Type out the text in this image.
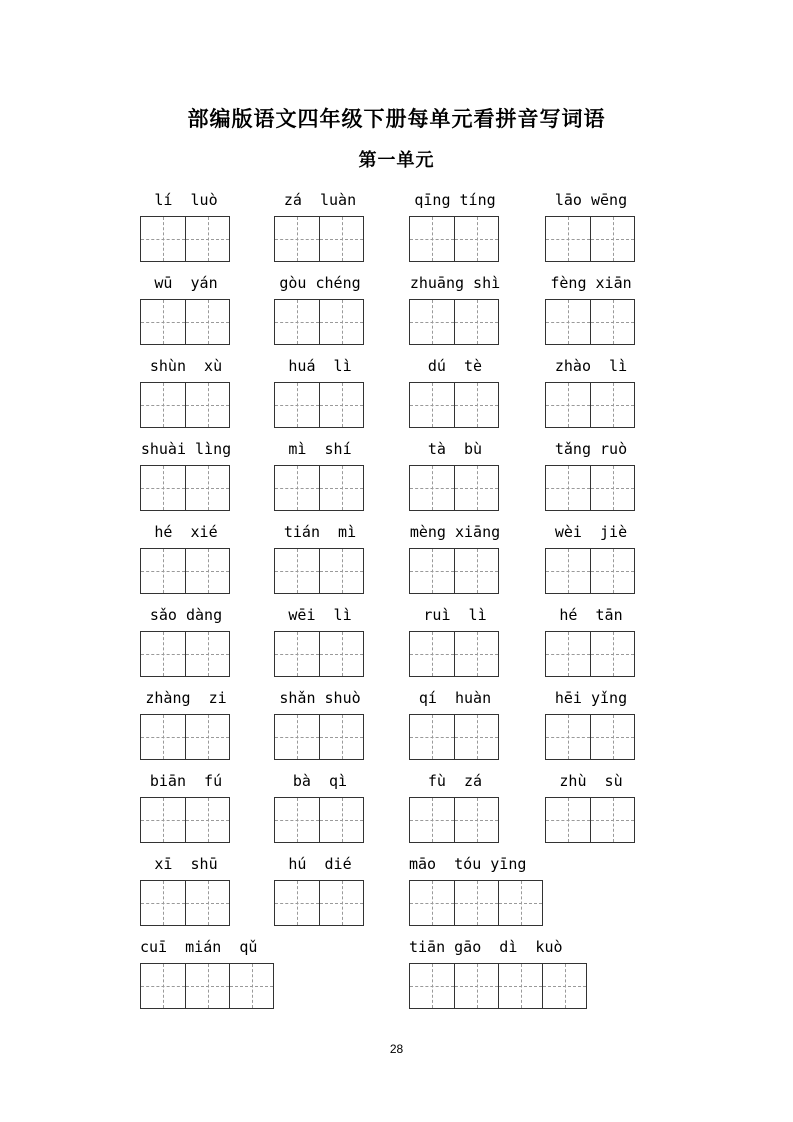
部编版语文四年级下册每单元看拼音写词语
第一单元
lí  luò	zá  luàn	qīng tíng	lāo wēng
wū  yán	gòu chéng	zhuāng shì	fèng xiān
shùn  xù	huá  lì	dú  tè	zhào  lì
shuài lìng	mì  shí	tà  bù	tǎng ruò
hé  xié	tián  mì	mèng xiāng	wèi  jiè
sǎo dàng	wēi  lì	ruì  lì	hé  tān
zhàng  zi	shǎn shuò	qí  huàn	hēi yǐng
biān  fú	bà  qì	fù  zá	zhù  sù
xī  shū	hú  dié	māo  tóu yīng
cuī  mián  qǔ	tiān gāo  dì  kuò
28
